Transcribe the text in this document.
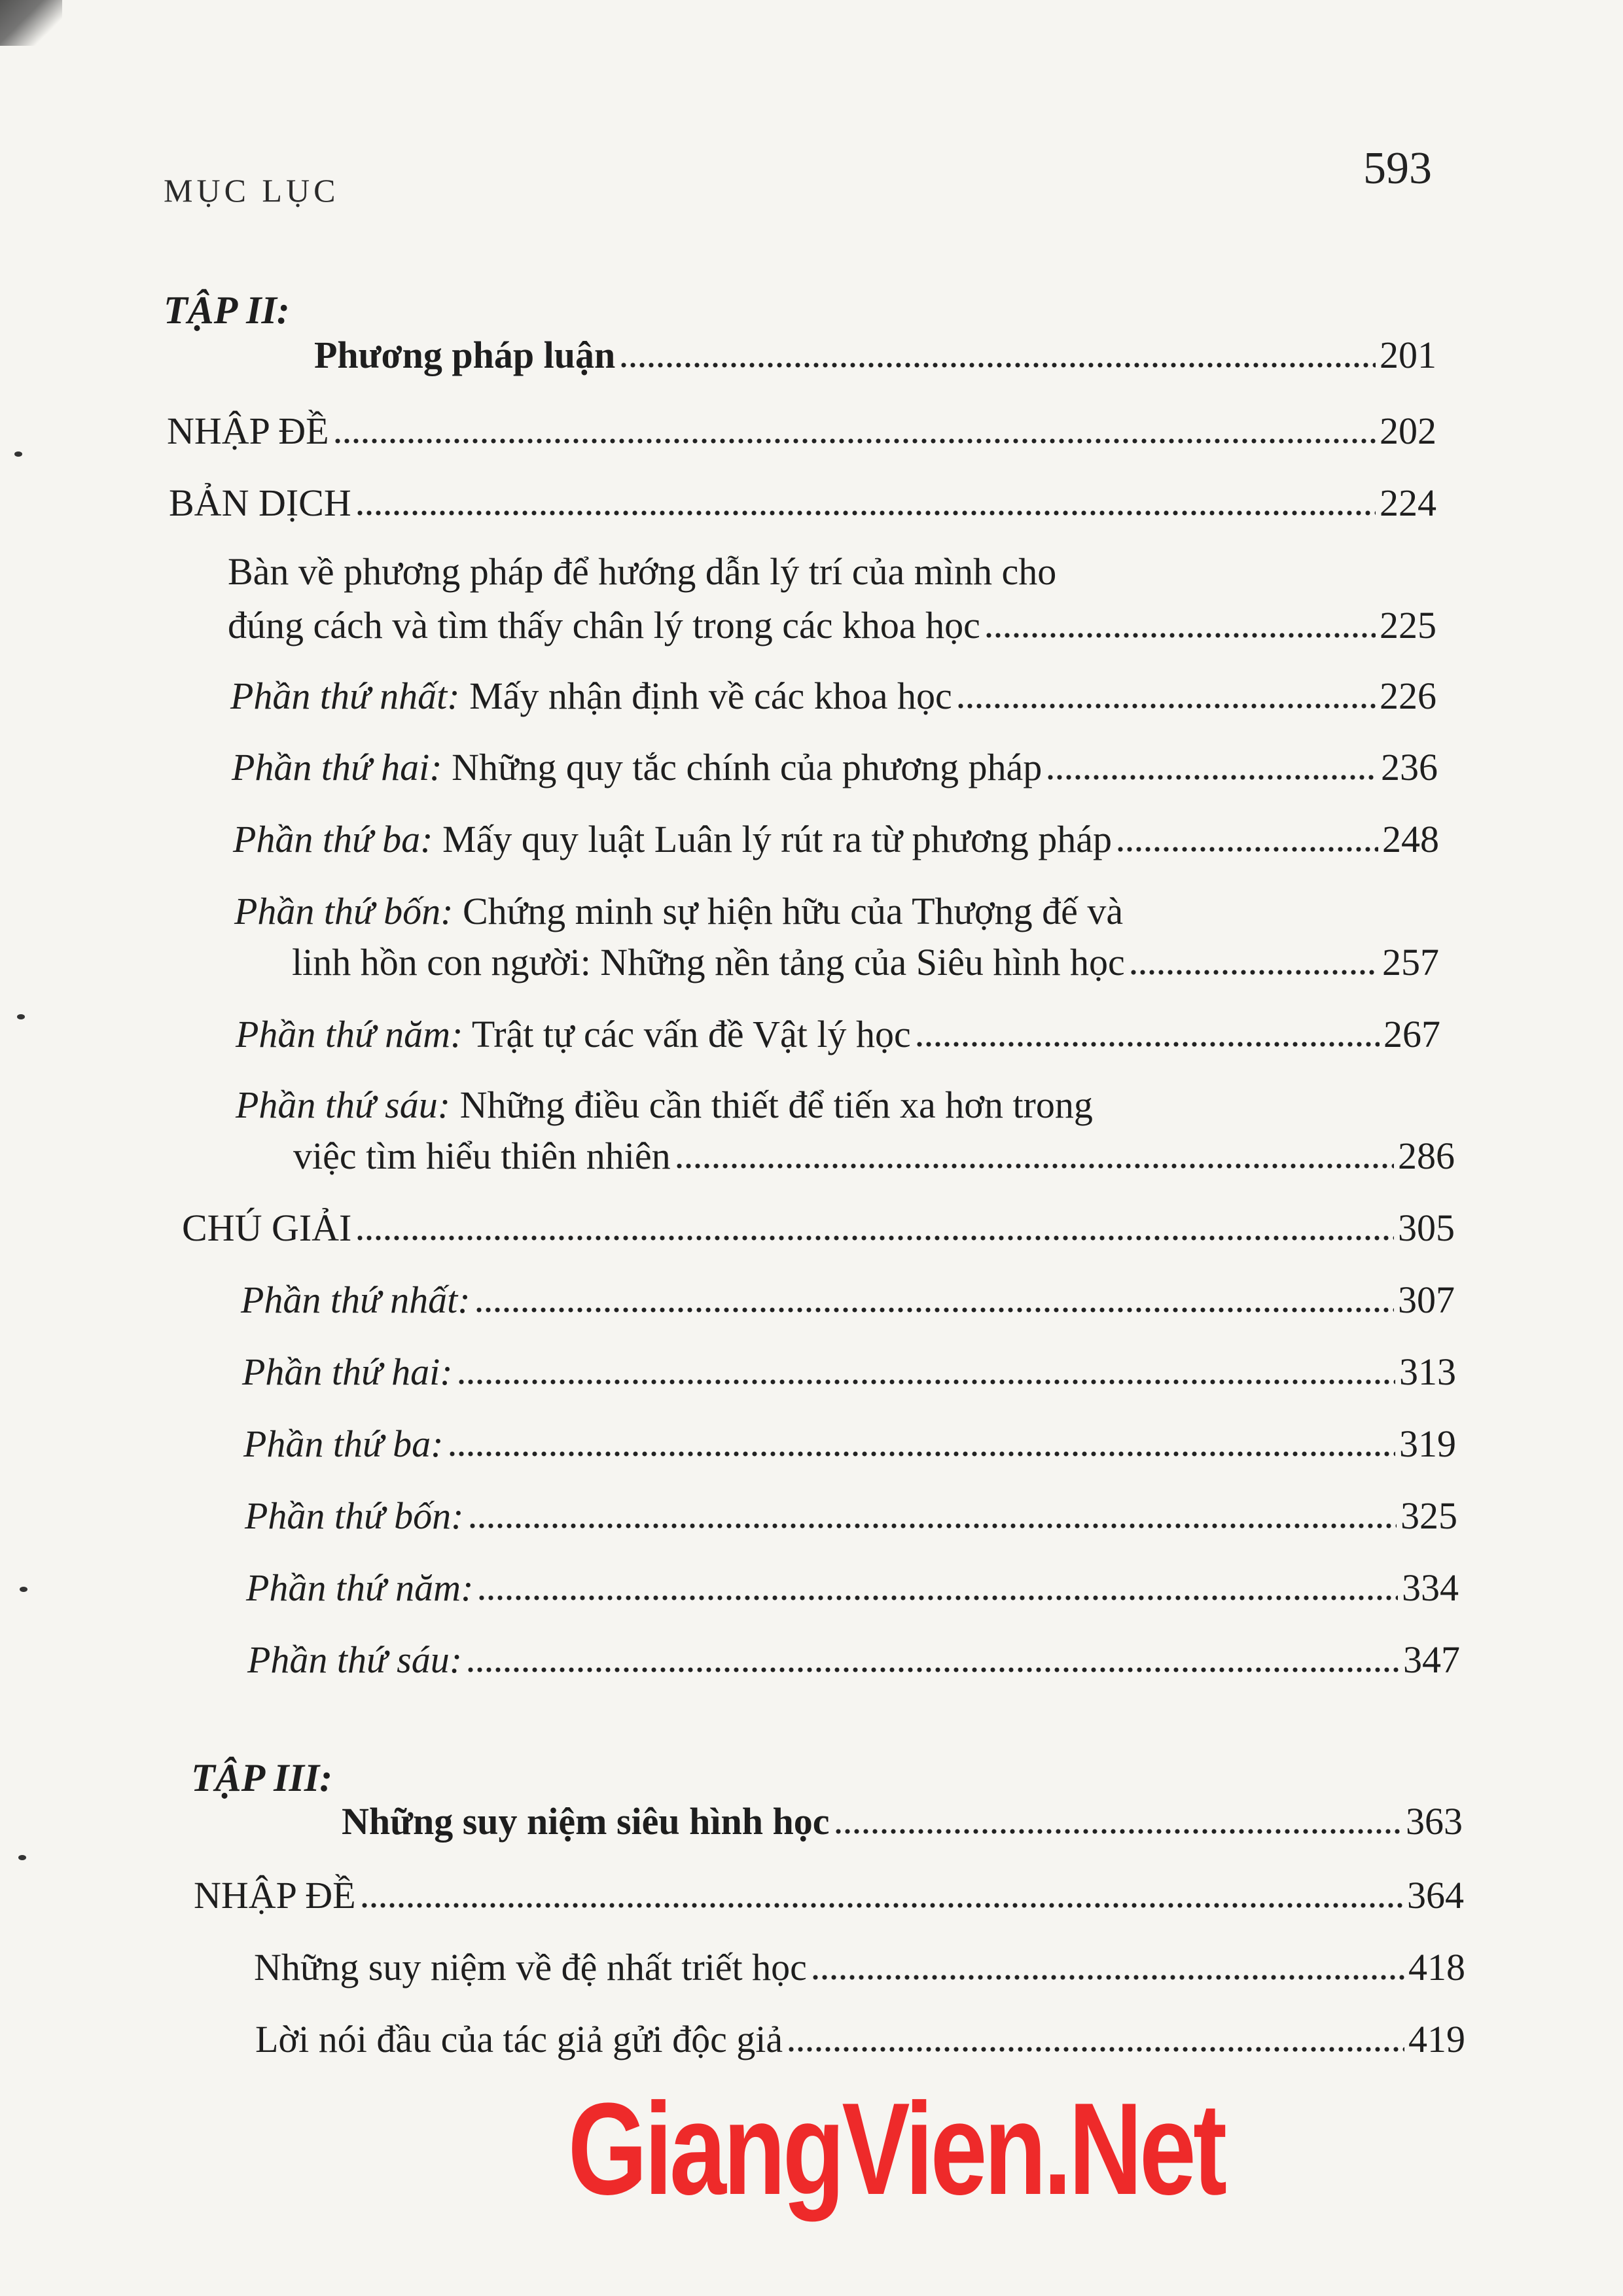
MỤC LỤC	593
TẬP II:
Phương pháp luận	201
NHẬP ĐỀ	202
BẢN DỊCH	224
Bàn về phương pháp để hướng dẫn lý trí của mình cho
đúng cách và tìm thấy chân lý trong các khoa học	225
Phần thứ nhất: Mấy nhận định về các khoa học	226
Phần thứ hai: Những quy tắc chính của phương pháp	236
Phần thứ ba: Mấy quy luật Luân lý rút ra từ phương pháp	248
Phần thứ bốn: Chứng minh sự hiện hữu của Thượng đế và
linh hồn con người: Những nền tảng của Siêu hình học	257
Phần thứ năm: Trật tự các vấn đề Vật lý học	267
Phần thứ sáu: Những điều cần thiết để tiến xa hơn trong
việc tìm hiểu thiên nhiên	286
CHÚ GIẢI	305
Phần thứ nhất:	307
Phần thứ hai:	313
Phần thứ ba:	319
Phần thứ bốn:	325
Phần thứ năm:	334
Phần thứ sáu:	347
TẬP III:
Những suy niệm siêu hình học	363
NHẬP ĐỀ	364
Những suy niệm về đệ nhất triết học	418
Lời nói đầu của tác giả gửi độc giả	419
GiangVien.Net
